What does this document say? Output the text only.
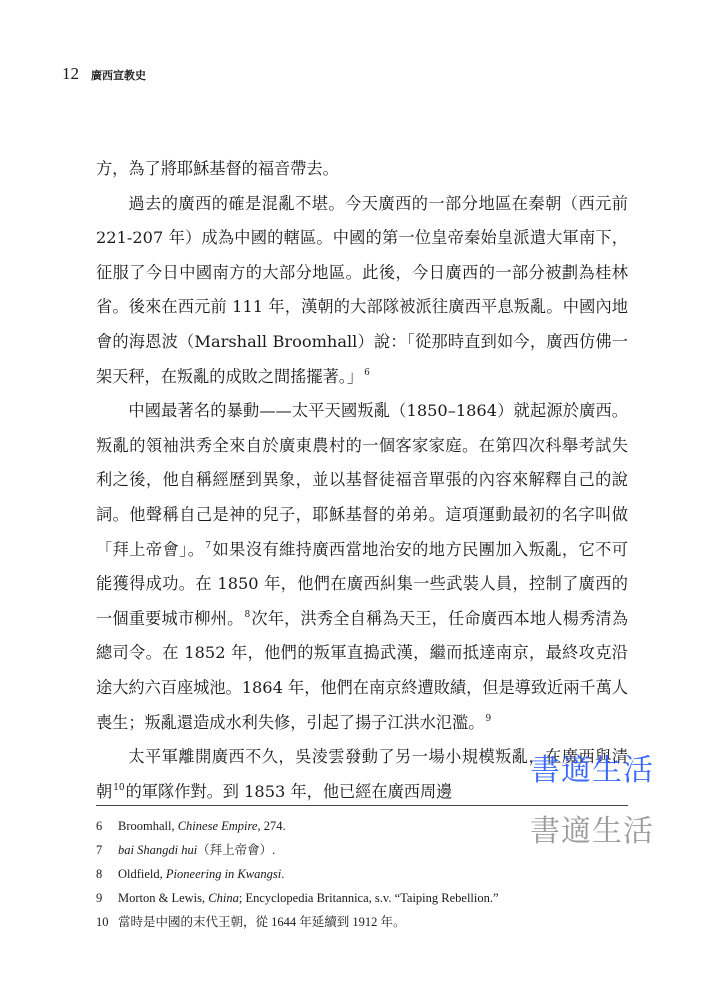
12 廣西宣教史

方，為了將耶穌基督的福音帶去。

過去的廣西的確是混亂不堪。今天廣西的一部分地區在秦朝（西元前 221-207 年）成為中國的轄區。中國的第一位皇帝秦始皇派遣大軍南下，征服了今日中國南方的大部分地區。此後，今日廣西的一部分被劃為桂林省。後來在西元前 111 年，漢朝的大部隊被派往廣西平息叛亂。中國內地會的海恩波（Marshall Broomhall）說：「從那時直到如今，廣西仿佛一架天秤，在叛亂的成敗之間搖擺著。」$^6$

中國最著名的暴動——太平天國叛亂（1850–1864）就起源於廣西。叛亂的領袖洪秀全來自於廣東農村的一個客家家庭。在第四次科舉考試失利之後，他自稱經歷到異象，並以基督徒福音單張的內容來解釋自己的說詞。他聲稱自己是神的兒子，耶穌基督的弟弟。這項運動最初的名字叫做「拜上帝會」。$^7$如果沒有維持廣西當地治安的地方民團加入叛亂，它不可能獲得成功。在 1850 年，他們在廣西糾集一些武裝人員，控制了廣西的一個重要城市柳州。$^8$次年，洪秀全自稱為天王，任命廣西本地人楊秀清為總司令。在 1852 年，他們的叛軍直搗武漢，繼而抵達南京，最終攻克沿途大約六百座城池。1864 年，他們在南京終遭敗績，但是導致近兩千萬人喪生；叛亂還造成水利失修，引起了揚子江洪水氾濫。$^9$

太平軍離開廣西不久，吳淩雲發動了另一場小規模叛亂，在廣西與清朝$^{10}$的軍隊作對。到 1853 年，他已經在廣西周邊

6 Broomhall, Chinese Empire, 274.
7 bai Shangdi hui（拜上帝會）.
8 Oldfield, Pioneering in Kwangsi.
9 Morton & Lewis, China; Encyclopedia Britannica, s.v. “Taiping Rebellion.”
10 當時是中國的末代王朝，從 1644 年延續到 1912 年。
書適生活
書適生活
